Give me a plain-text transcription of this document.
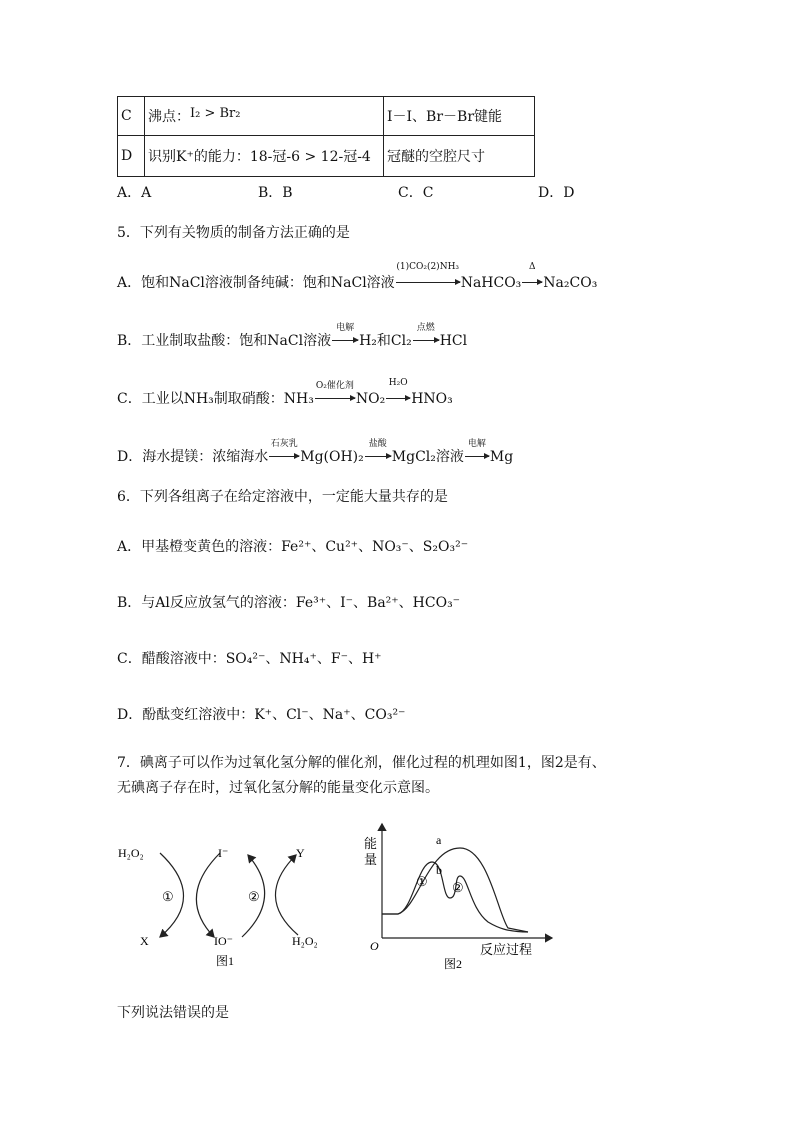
C	沸点：I₂ > Br₂	I－I、Br－Br键能
D	识别K⁺的能力：18-冠-6 > 12-冠-4	冠醚的空腔尺寸
A．A	B．B	C．C	D．D
5．下列有关物质的制备方法正确的是
A．饱和NaCl溶液制备纯碱：饱和NaCl溶液
(1)CO₂(2)NH₃
NaHCO₃
Δ
Na₂CO₃
B．工业制取盐酸：饱和NaCl溶液
电解
H₂和Cl₂
点燃
HCl
C．工业以NH₃制取硝酸：NH₃
O₂催化剂
NO₂
H₂O
HNO₃
D．海水提镁：浓缩海水
石灰乳
Mg(OH)₂
盐酸
MgCl₂溶液
电解
Mg
6．下列各组离子在给定溶液中，一定能大量共存的是
A．甲基橙变黄色的溶液：Fe²⁺、Cu²⁺、NO₃⁻、S₂O₃²⁻
B．与Al反应放氢气的溶液：Fe³⁺、I⁻、Ba²⁺、HCO₃⁻
C．醋酸溶液中：SO₄²⁻、NH₄⁺、F⁻、H⁺
D．酚酞变红溶液中：K⁺、Cl⁻、Na⁺、CO₃²⁻
7．碘离子可以作为过氧化氢分解的催化剂，催化过程的机理如图1，图2是有、
无碘离子存在时，过氧化氢分解的能量变化示意图。
H₂O₂	I⁻	Y
①	②
X	IO⁻	H₂O₂
图1
能
量
a
b
① ②
O	反应过程
图2
下列说法错误的是
